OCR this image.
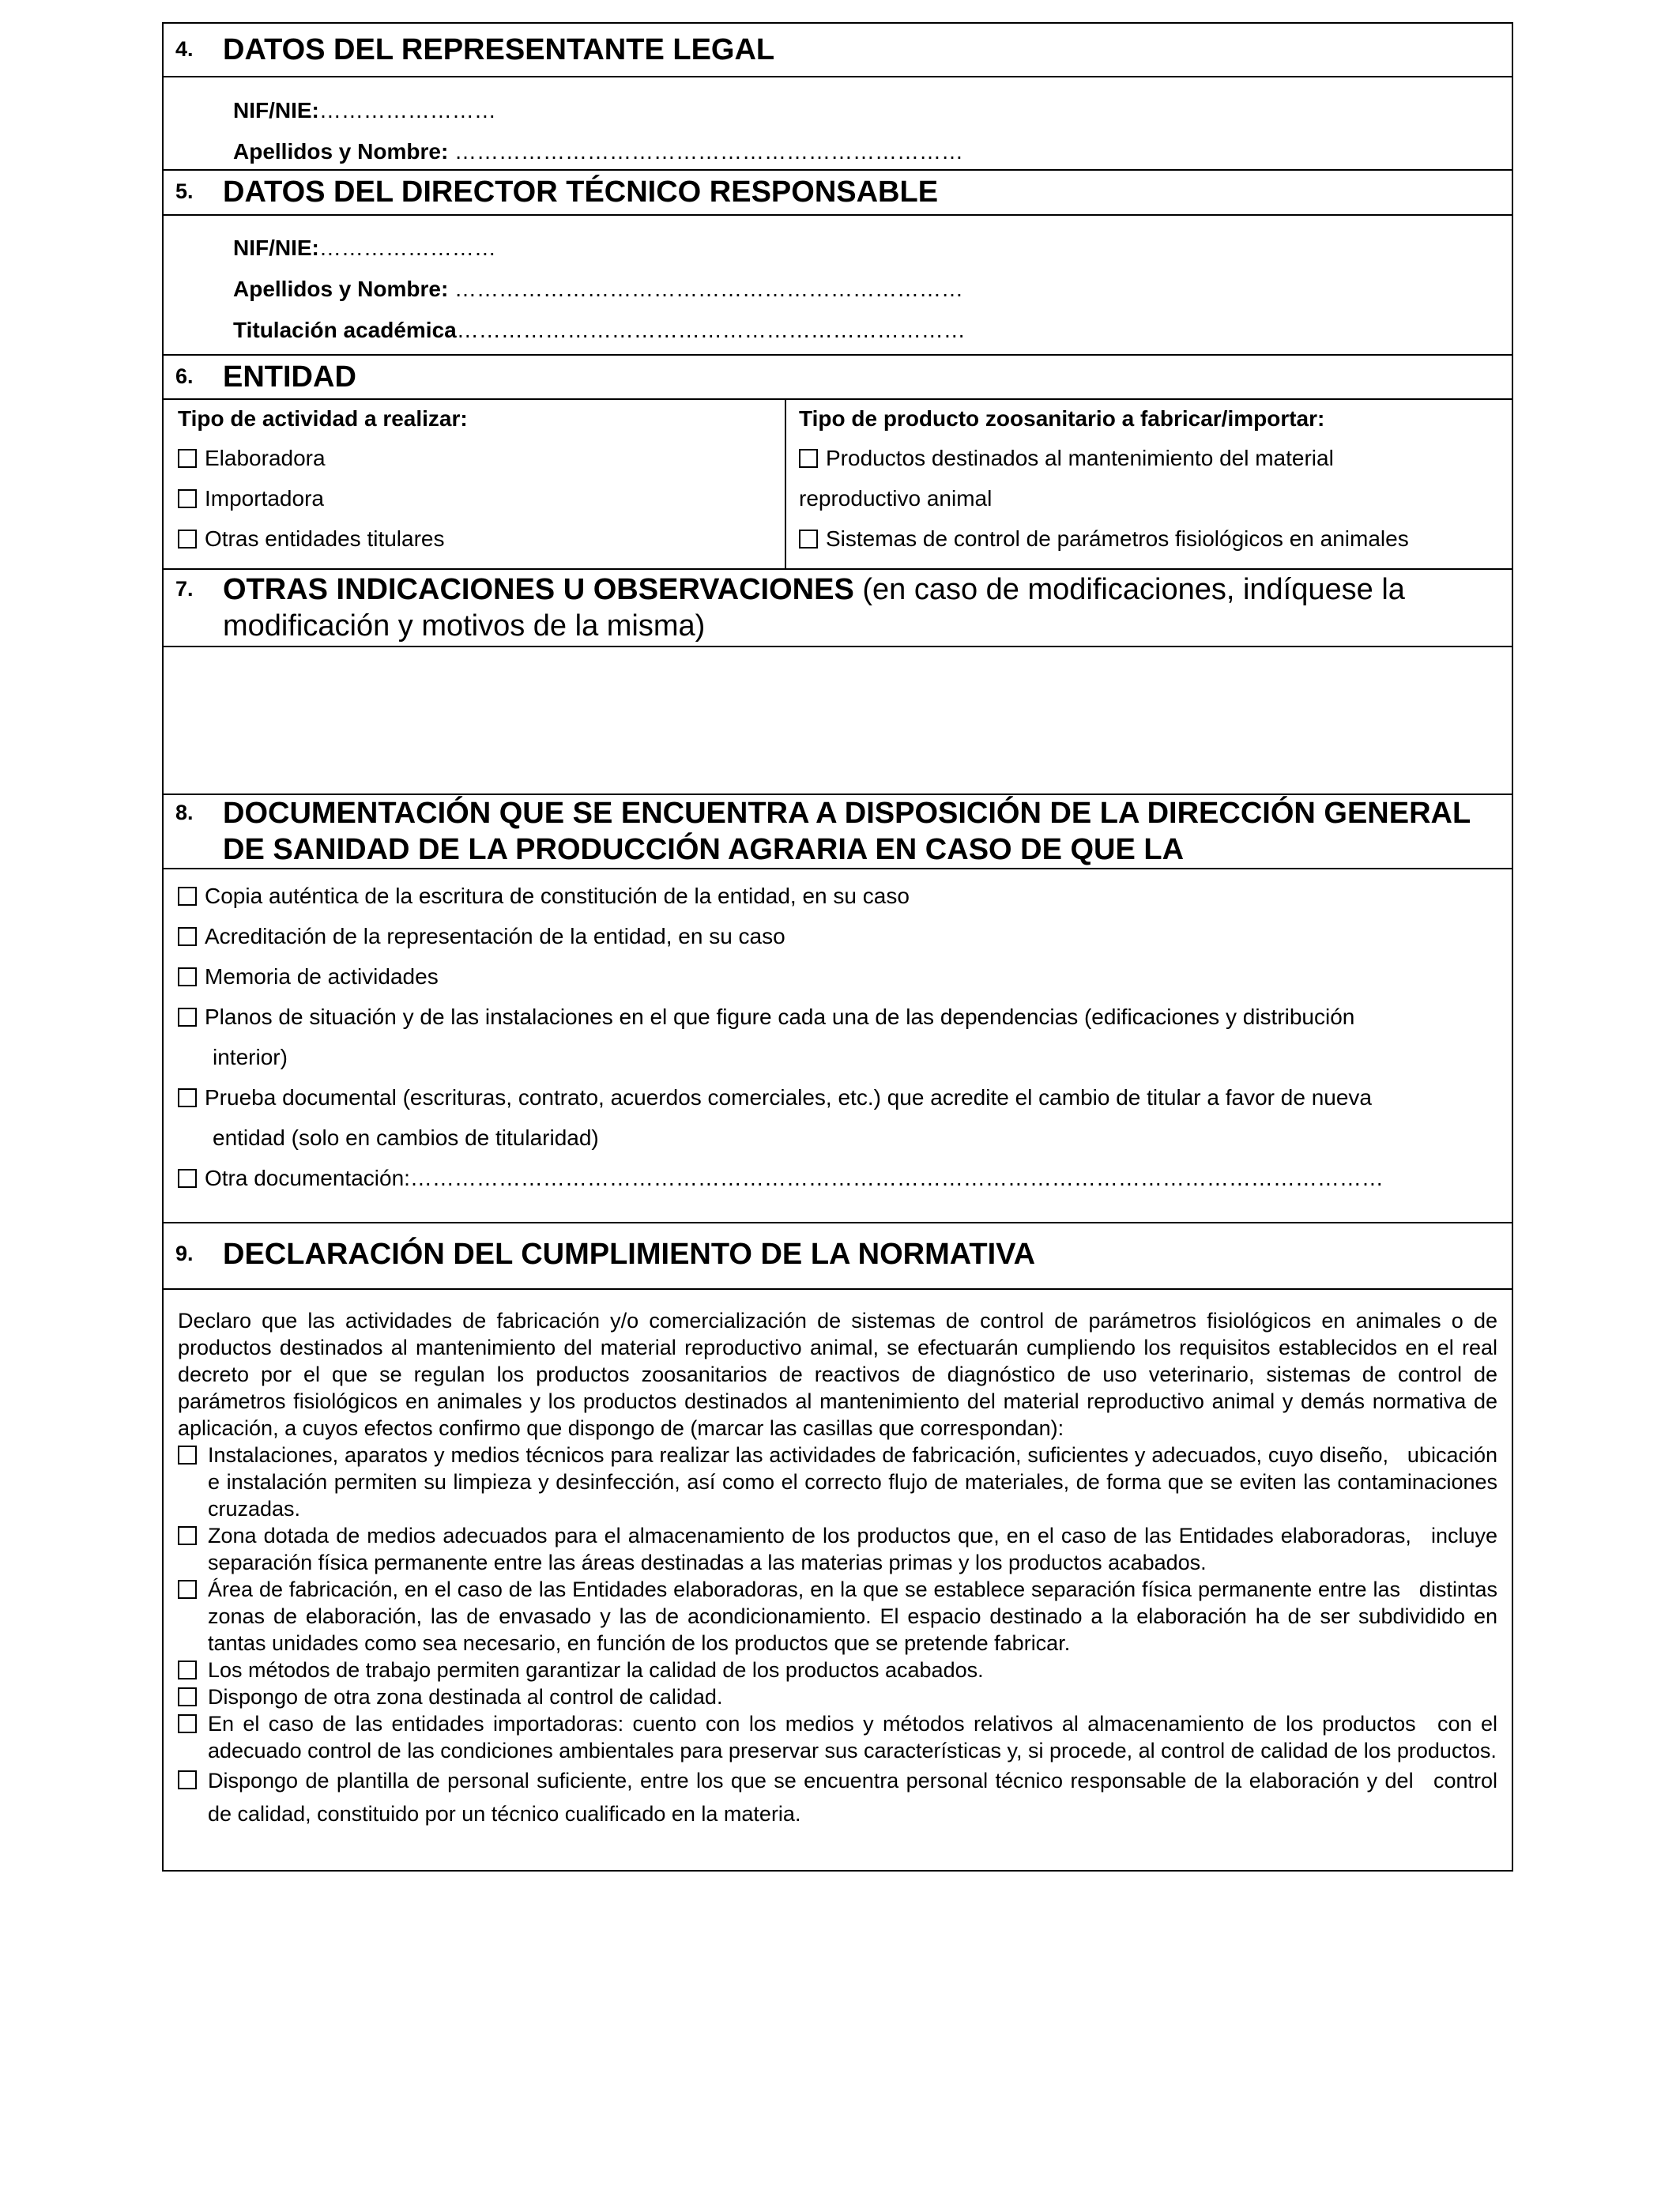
4. DATOS DEL REPRESENTANTE LEGAL
NIF/NIE:……………………
Apellidos y Nombre: ……………………………………………………………
5. DATOS DEL DIRECTOR TÉCNICO RESPONSABLE
NIF/NIE:……………………
Apellidos y Nombre: ……………………………………………………………
Titulación académica……………………………………………………………
6. ENTIDAD
Tipo de actividad a realizar:
Elaboradora
Importadora
Otras entidades titulares
Tipo de producto zoosanitario a fabricar/importar:
Productos destinados al mantenimiento del material
reproductivo animal
Sistemas de control de parámetros fisiológicos en animales
7. OTRAS INDICACIONES U OBSERVACIONES (en caso de modificaciones, indíquese la modificación y motivos de la misma)
8. DOCUMENTACIÓN QUE SE ENCUENTRA A DISPOSICIÓN DE LA DIRECCIÓN GENERAL DE SANIDAD DE LA PRODUCCIÓN AGRARIA EN CASO DE QUE LA
Copia auténtica de la escritura de constitución de la entidad, en su caso
Acreditación de la representación de la entidad, en su caso
Memoria de actividades
Planos de situación y de las instalaciones en el que figure cada una de las dependencias (edificaciones y distribución
interior)
Prueba documental (escrituras, contrato, acuerdos comerciales, etc.) que acredite el cambio de titular a favor de nueva
entidad (solo en cambios de titularidad)
Otra documentación:……………………………………………………………………………………………………………………
9. DECLARACIÓN DEL CUMPLIMIENTO DE LA NORMATIVA
Declaro que las actividades de fabricación y/o comercialización de sistemas de control de parámetros fisiológicos en animales o de productos destinados al mantenimiento del material reproductivo animal, se efectuarán cumpliendo los requisitos establecidos en el real decreto por el que se regulan los productos zoosanitarios de reactivos de diagnóstico de uso veterinario, sistemas de control de parámetros fisiológicos en animales y los productos destinados al mantenimiento del material reproductivo animal y demás normativa de aplicación, a cuyos efectos confirmo que dispongo de (marcar las casillas que correspondan):
Instalaciones, aparatos y medios técnicos para realizar las actividades de fabricación, suficientes y adecuados, cuyo diseño, ubicación e instalación permiten su limpieza y desinfección, así como el correcto flujo de materiales, de forma que se eviten las contaminaciones cruzadas.
Zona dotada de medios adecuados para el almacenamiento de los productos que, en el caso de las Entidades elaboradoras, incluye separación física permanente entre las áreas destinadas a las materias primas y los productos acabados.
Área de fabricación, en el caso de las Entidades elaboradoras, en la que se establece separación física permanente entre las distintas zonas de elaboración, las de envasado y las de acondicionamiento. El espacio destinado a la elaboración ha de ser subdividido en tantas unidades como sea necesario, en función de los productos que se pretende fabricar.
Los métodos de trabajo permiten garantizar la calidad de los productos acabados.
Dispongo de otra zona destinada al control de calidad.
En el caso de las entidades importadoras: cuento con los medios y métodos relativos al almacenamiento de los productos con el adecuado control de las condiciones ambientales para preservar sus características y, si procede, al control de calidad de los productos.
Dispongo de plantilla de personal suficiente, entre los que se encuentra personal técnico responsable de la elaboración y del control de calidad, constituido por un técnico cualificado en la materia.
